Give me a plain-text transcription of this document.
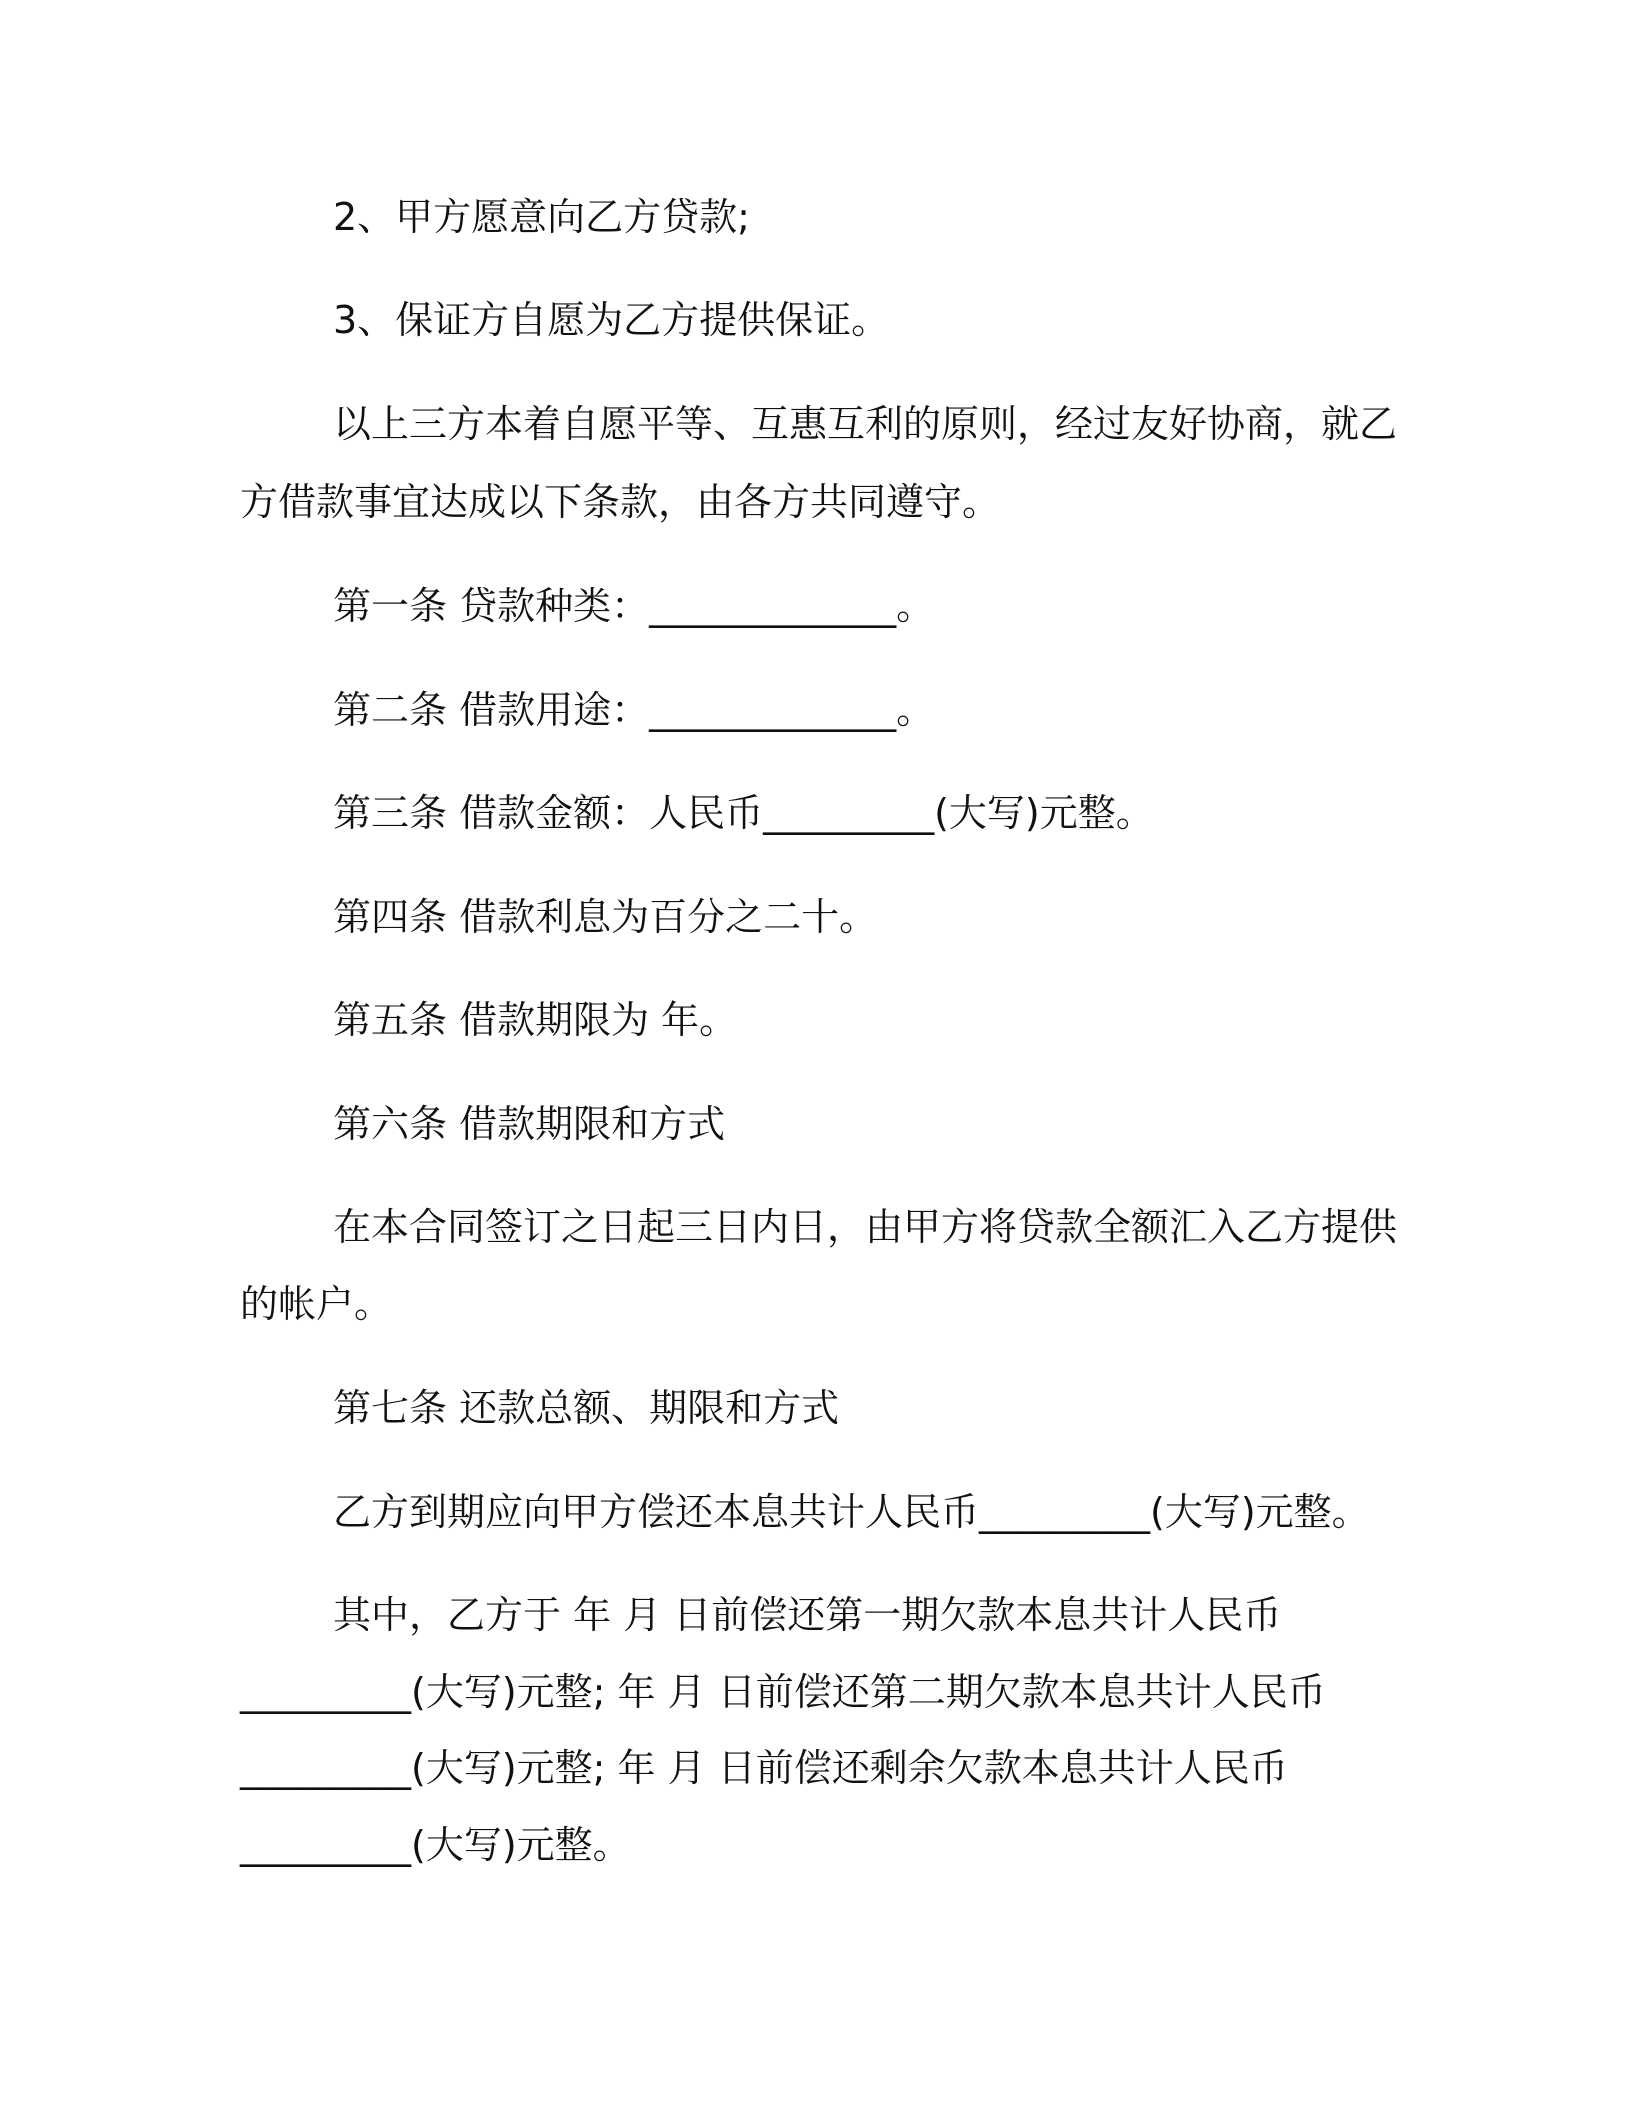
2、甲方愿意向乙方贷款;
3、保证方自愿为乙方提供保证。
以上三方本着自愿平等、互惠互利的原则，经过友好协商，就乙
方借款事宜达成以下条款，由各方共同遵守。
第一条 贷款种类：_____________。
第二条 借款用途：_____________。
第三条 借款金额：人民币_________(大写)元整。
第四条 借款利息为百分之二十。
第五条 借款期限为 年。
第六条 借款期限和方式
在本合同签订之日起三日内日，由甲方将贷款全额汇入乙方提供
的帐户。
第七条 还款总额、期限和方式
乙方到期应向甲方偿还本息共计人民币_________(大写)元整。
其中，乙方于 年 月 日前偿还第一期欠款本息共计人民币
_________(大写)元整; 年 月 日前偿还第二期欠款本息共计人民币
_________(大写)元整; 年 月 日前偿还剩余欠款本息共计人民币
_________(大写)元整。
